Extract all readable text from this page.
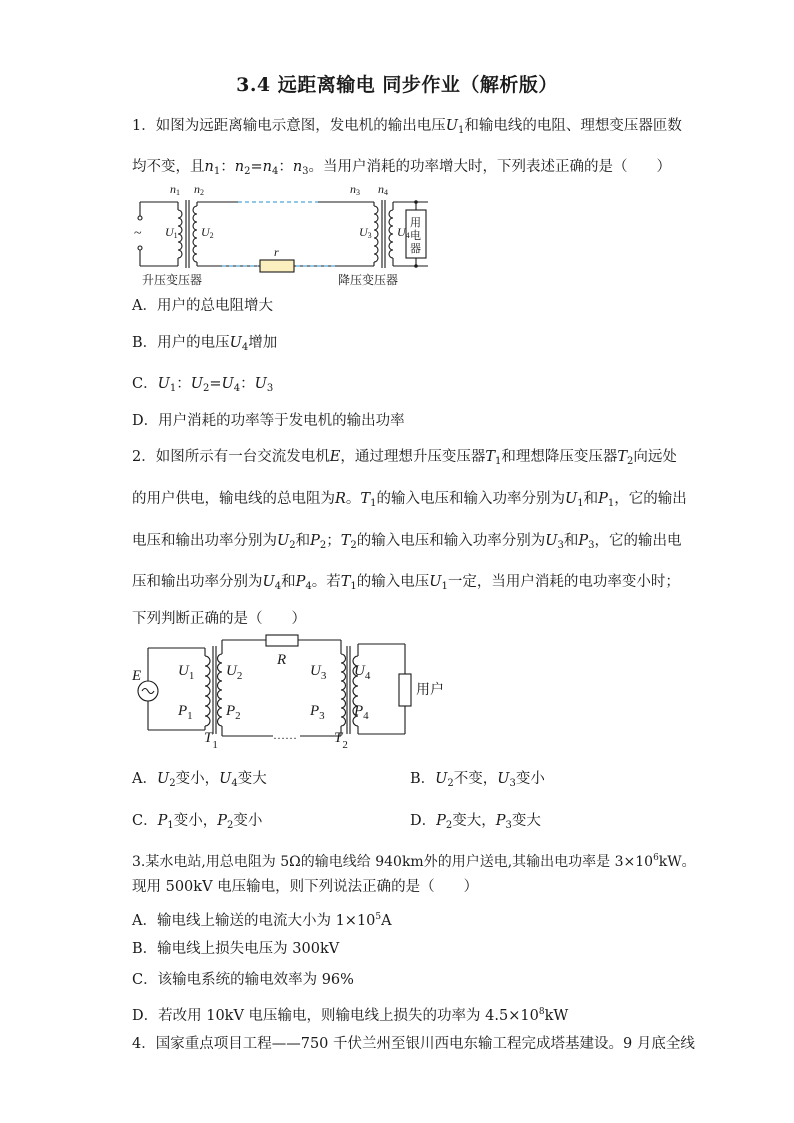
3.4 远距离输电 同步作业（解析版）
1．如图为远距离输电示意图，发电机的输出电压$U_1$和输电线的电阻、理想变压器匝数
均不变，且$n_1$：$n_2=n_4$：$n_3$。当用户消耗的功率增大时，下列表述正确的是（　　）
n1 n2	n3 n4
U1 U2	U3 U4
r
~
用
电
器
升压变压器	降压变压器
A．用户的总电阻增大
B．用户的电压$U_4$增加
C．$U_1$：$U_2=U_4$：$U_3$
D．用户消耗的功率等于发电机的输出功率
2．如图所示有一台交流发电机E，通过理想升压变压器$T_1$和理想降压变压器$T_2$向远处
的用户供电，输电线的总电阻为R。$T_1$的输入电压和输入功率分别为$U_1$和$P_1$，它的输出
电压和输出功率分别为$U_2$和$P_2$；$T_2$的输入电压和输入功率分别为$U_3$和$P_3$，它的输出电
压和输出功率分别为$U_4$和$P_4$。若$T_1$的输入电压$U_1$一定，当用户消耗的电功率变小时；
下列判断正确的是（　　）
E
R
$U_1$
$P_1$
$U_2$
$P_2$
$U_3$
$P_3$
$U_4$
$P_4$
$T_1$	$T_2$
……
用户
A．$U_2$变小，$U_4$变大	B．$U_2$不变，$U_3$变小
C．$P_1$变小，$P_2$变小	D．$P_2$变大，$P_3$变大
3.某水电站,用总电阻为 5Ω的输电线给 940km外的用户送电,其输出电功率是 $3\times 10^6kW$。
现用 500kV 电压输电，则下列说法正确的是（　　）
A．输电线上输送的电流大小为 $1\times 10^5A$
B．输电线上损失电压为 300kV
C．该输电系统的输电效率为 96%
D．若改用 10kV 电压输电，则输电线上损失的功率为 $4.5\times 10^8kW$
4．国家重点项目工程——750 千伏兰州至银川西电东输工程完成塔基建设。9 月底全线
